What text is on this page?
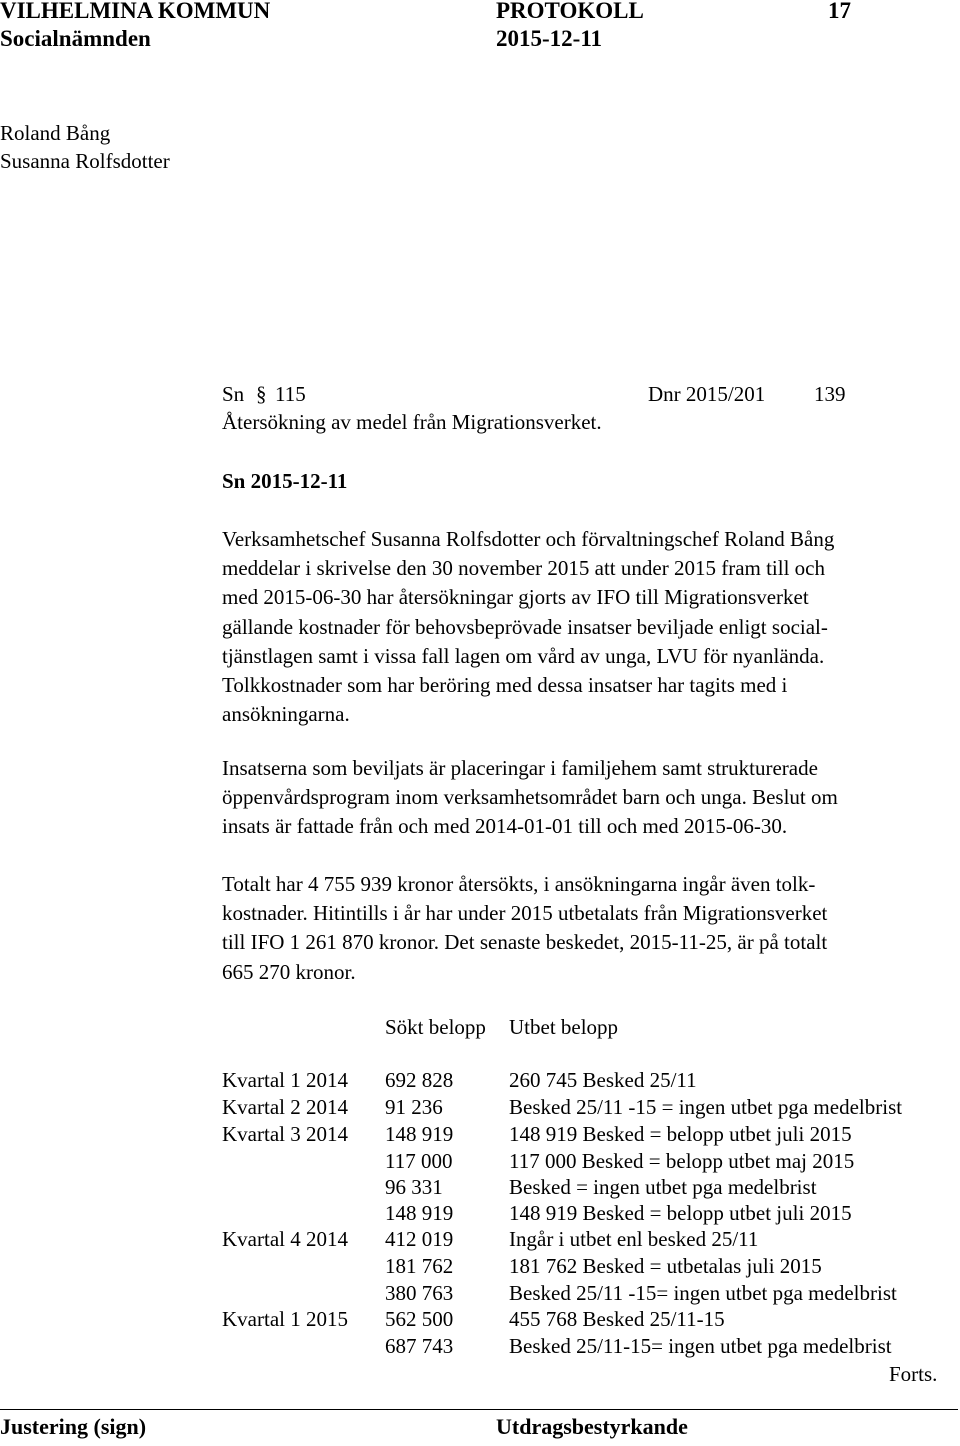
VILHELMINA KOMMUN	PROTOKOLL	17
Socialnämnden	2015-12-11
Roland Bång
Susanna Rolfsdotter
Sn § 115	Dnr 2015/201 139
Återsökning av medel från Migrationsverket.
Sn 2015-12-11
Verksamhetschef Susanna Rolfsdotter och förvaltningschef Roland Bång
meddelar i skrivelse den 30 november 2015 att under 2015 fram till och
med 2015-06-30 har återsökningar gjorts av IFO till Migrationsverket
gällande kostnader för behovsbeprövade insatser beviljade enligt social-
tjänstlagen samt i vissa fall lagen om vård av unga, LVU för nyanlända.
Tolkkostnader som har beröring med dessa insatser har tagits med i
ansökningarna.
Insatserna som beviljats är placeringar i familjehem samt strukturerade
öppenvårdsprogram inom verksamhetsområdet barn och unga. Beslut om
insats är fattade från och med 2014-01-01 till och med 2015-06-30.
Totalt har 4 755 939 kronor återsökts, i ansökningarna ingår även tolk-
kostnader. Hitintills i år har under 2015 utbetalats från Migrationsverket
till IFO 1 261 870 kronor. Det senaste beskedet, 2015-11-25, är på totalt
665 270 kronor.
Sökt belopp Utbet belopp
Kvartal 1 2014 692 828	260 745 Besked 25/11
Kvartal 2 2014 91 236	Besked 25/11 -15 = ingen utbet pga medelbrist
Kvartal 3 2014 148 919	148 919 Besked = belopp utbet juli 2015
117 000	117 000 Besked = belopp utbet maj 2015
96 331	Besked = ingen utbet pga medelbrist
148 919	148 919 Besked = belopp utbet juli 2015
Kvartal 4 2014 412 019	Ingår i utbet enl besked 25/11
181 762	181 762 Besked = utbetalas juli 2015
380 763	Besked 25/11 -15= ingen utbet pga medelbrist
Kvartal 1 2015 562 500	455 768 Besked 25/11-15
687 743	Besked 25/11-15= ingen utbet pga medelbrist
Forts.
Justering (sign)	Utdragsbestyrkande
